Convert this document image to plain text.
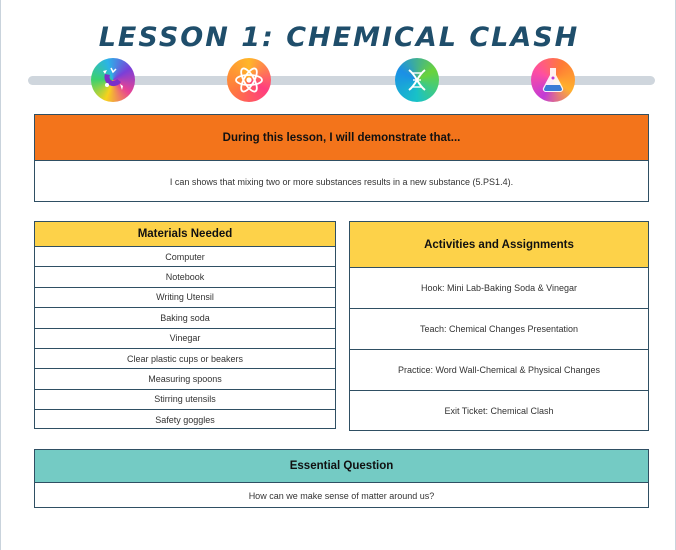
LESSON 1: CHEMICAL CLASH
During this lesson, I will demonstrate that...
I can shows that mixing two or more substances results in a new substance (5.PS1.4).
Materials Needed
Computer
Notebook
Writing Utensil
Baking soda
Vinegar
Clear plastic cups or beakers
Measuring spoons
Stirring utensils
Safety goggles
Activities and Assignments
Hook: Mini Lab-Baking Soda & Vinegar
Teach: Chemical Changes Presentation
Practice: Word Wall-Chemical & Physical Changes
Exit Ticket: Chemical Clash
Essential Question
How can we make sense of matter around us?
